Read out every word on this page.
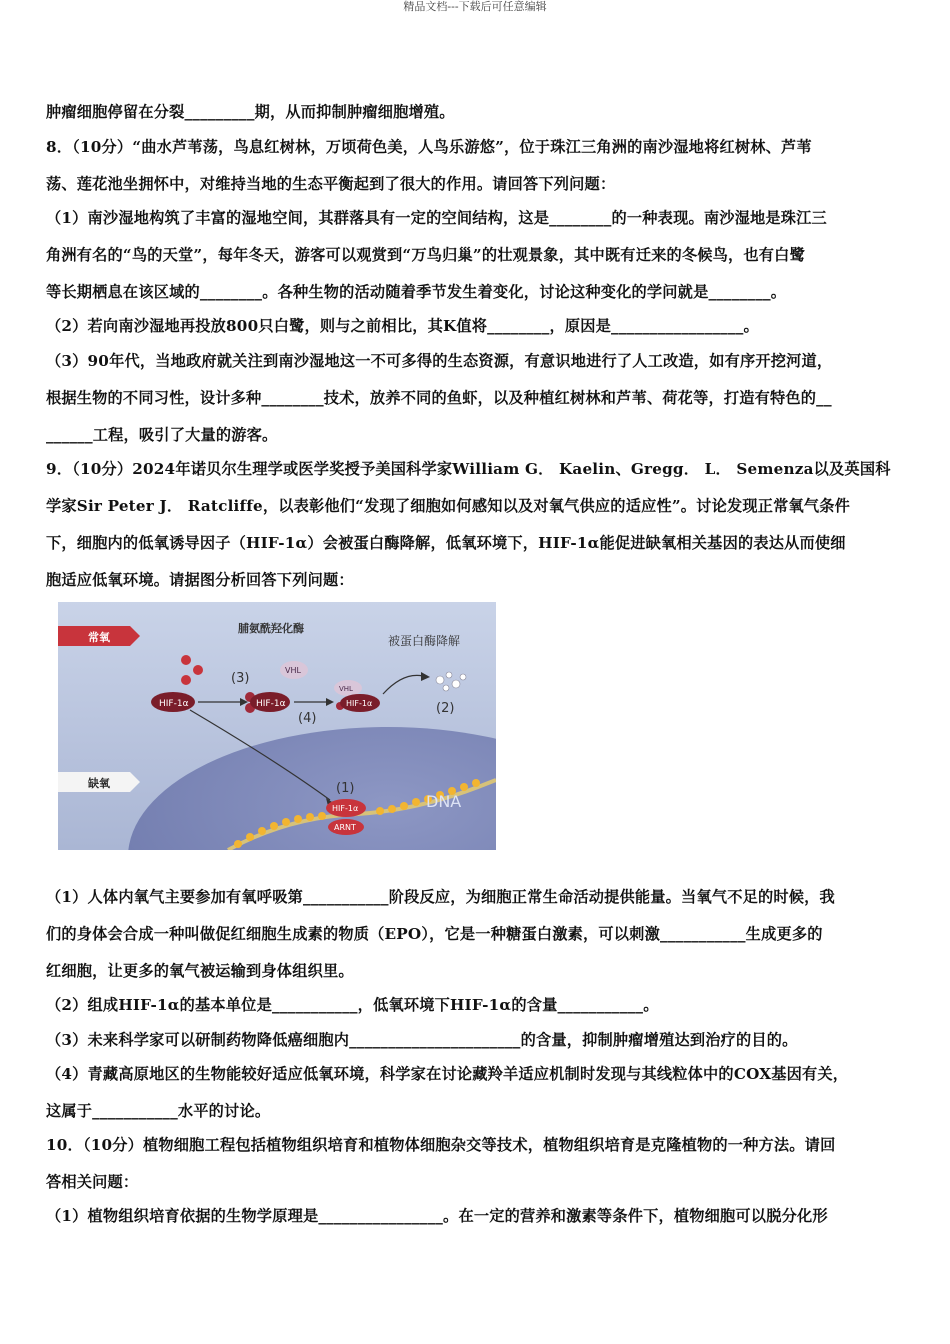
精品文档---下载后可任意编辑
肿瘤细胞停留在分裂_________期，从而抑制肿瘤细胞增殖。
8．（10分）“曲水芦苇荡，鸟息红树林，万顷荷色美，人鸟乐游悠”，位于珠江三角洲的南沙湿地将红树林、芦苇
荡、莲花池坐拥怀中，对维持当地的生态平衡起到了很大的作用。请回答下列问题：
（1）南沙湿地构筑了丰富的湿地空间，其群落具有一定的空间结构，这是________的一种表现。南沙湿地是珠江三
角洲有名的“鸟的天堂”，每年冬天，游客可以观赏到“万鸟归巢”的壮观景象，其中既有迁来的冬候鸟，也有白鹭
等长期栖息在该区域的________。各种生物的活动随着季节发生着变化，讨论这种变化的学问就是________。
（2）若向南沙湿地再投放800只白鹭，则与之前相比，其K值将________，原因是_________________。
（3）90年代，当地政府就关注到南沙湿地这一不可多得的生态资源，有意识地进行了人工改造，如有序开挖河道，
根据生物的不同习性，设计多种________技术，放养不同的鱼虾，以及种植红树林和芦苇、荷花等，打造有特色的__
______工程，吸引了大量的游客。
9．（10分）2024年诺贝尔生理学或医学奖授予美国科学家William G． Kaelin、Gregg． L． Semenza以及英国科
学家Sir Peter J． Ratcliffe，以表彰他们“发现了细胞如何感知以及对氧气供应的适应性”。讨论发现正常氧气条件
下，细胞内的低氧诱导因子（HIF-1α）会被蛋白酶降解，低氧环境下，HIF-1α能促进缺氧相关基因的表达从而使细
胞适应低氧环境。请据图分析回答下列问题：
常氧
缺氧
脯氨酰羟化酶
被蛋白酶降解
HIF-1α
(3)
HIF-1α
VHL
(4)
VHL
HIF-1α	(2)
(1)
HIF-1α
ARNT
DNA
（1）人体内氧气主要参加有氧呼吸第___________阶段反应，为细胞正常生命活动提供能量。当氧气不足的时候，我
们的身体会合成一种叫做促红细胞生成素的物质（EPO），它是一种糖蛋白激素，可以刺激___________生成更多的
红细胞，让更多的氧气被运输到身体组织里。
（2）组成HIF-1α的基本单位是___________，低氧环境下HIF-1α的含量___________。
（3）未来科学家可以研制药物降低癌细胞内______________________的含量，抑制肿瘤增殖达到治疗的目的。
（4）青藏高原地区的生物能较好适应低氧环境，科学家在讨论藏羚羊适应机制时发现与其线粒体中的COX基因有关，
这属于___________水平的讨论。
10．（10分）植物细胞工程包括植物组织培育和植物体细胞杂交等技术，植物组织培育是克隆植物的一种方法。请回
答相关问题：
（1）植物组织培育依据的生物学原理是________________。在一定的营养和激素等条件下，植物细胞可以脱分化形
